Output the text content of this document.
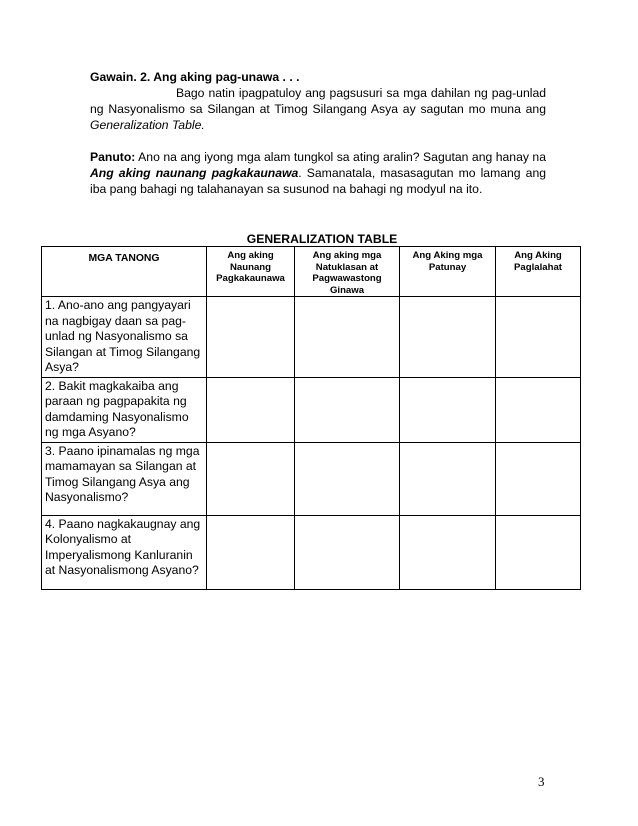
Gawain. 2. Ang aking pag-unawa . . .

Bago natin ipagpatuloy ang pagsusuri sa mga dahilan ng pag-unlad ng Nasyonalismo sa Silangan at Timog Silangang Asya ay sagutan mo muna ang Generalization Table.

Panuto: Ano na ang iyong mga alam tungkol sa ating aralin? Sagutan ang hanay na Ang aking naunang pagkakaunawa. Samanatala, masasagutan mo lamang ang iba pang bahagi ng talahanayan sa susunod na bahagi ng modyul na ito.

GENERALIZATION TABLE
MGA TANONG	Ang aking Naunang Pagkakaunawa	Ang aking mga Natuklasan at Pagwawastong Ginawa	Ang Aking mga Patunay	Ang Aking Paglalahat
1. Ano-ano ang pangyayari na nagbigay daan sa pag-unlad ng Nasyonalismo sa Silangan at Timog Silangang Asya?				
2. Bakit magkakaiba ang paraan ng pagpapakita ng damdaming Nasyonalismo ng mga Asyano?				
3. Paano ipinamalas ng mga mamamayan sa Silangan at Timog Silangang Asya ang Nasyonalismo?				
4. Paano nagkakaugnay ang Kolonyalismo at Imperyalismong Kanluranin at Nasyonalismong Asyano?				
3
